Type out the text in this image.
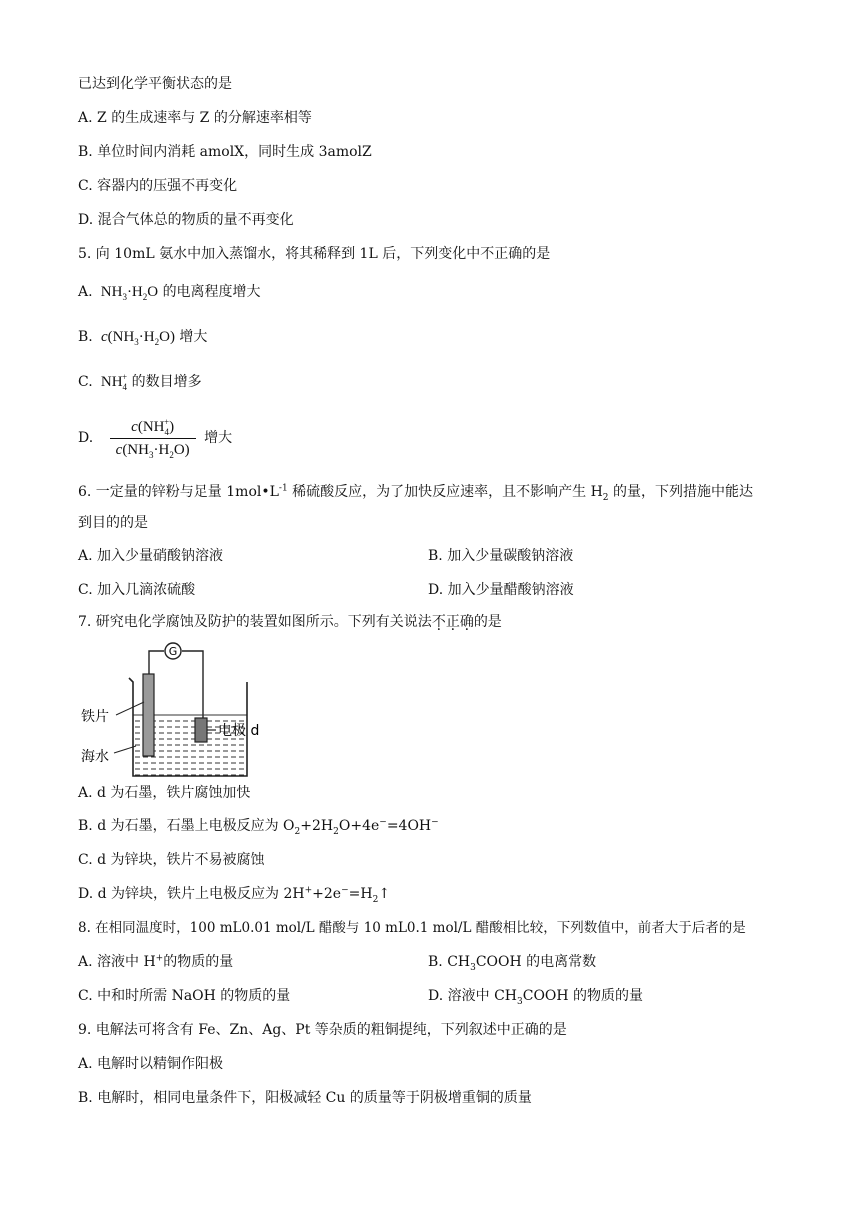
已达到化学平衡状态的是
A. Z 的生成速率与 Z 的分解速率相等
B. 单位时间内消耗 amolX，同时生成 3amolZ
C. 容器内的压强不再变化
D. 混合气体总的物质的量不再变化
5. 向 10mL 氨水中加入蒸馏水，将其稀释到 1L 后，下列变化中不正确的是
A.  $NH_3\cdot H_2O$ 的电离程度增大
B. $c(NH_3\cdot H_2O)$ 增大
C.  $NH_4^+$ 的数目增多
D. $\frac{c(NH_4^+)}{c(NH_3\cdot H_2O)}$ 增大
6. 一定量的锌粉与足量 $1mol•L^{-1}$ 稀硫酸反应，为了加快反应速率，且不影响产生 $H_2$ 的量，下列措施中能达
到目的的是
A. 加入少量硝酸钠溶液	B. 加入少量碳酸钠溶液
C. 加入几滴浓硫酸	D. 加入少量醋酸钠溶液
7. 研究电化学腐蚀及防护的装置如图所示。下列有关说法不正确的是
G
铁片
电极 d
海水
A. d 为石墨，铁片腐蚀加快
B. d 为石墨，石墨上电极反应为 $O_2+2H_2O+4e^-=4OH^-$
C. d 为锌块，铁片不易被腐蚀
D. d 为锌块，铁片上电极反应为 $2H^++2e^-=H_2↑$
8. 在相同温度时，100 mL0.01 mol/L 醋酸与 10 mL0.1 mol/L 醋酸相比较，下列数值中，前者大于后者的是
A. 溶液中 H+的物质的量	B. $CH_3COOH$ 的电离常数
C. 中和时所需 NaOH 的物质的量	D. 溶液中 $CH_3COOH$ 的物质的量
9. 电解法可将含有 Fe、Zn、Ag、Pt 等杂质的粗铜提纯，下列叙述中正确的是
A. 电解时以精铜作阳极
B. 电解时，相同电量条件下，阳极减轻 Cu 的质量等于阴极增重铜的质量
